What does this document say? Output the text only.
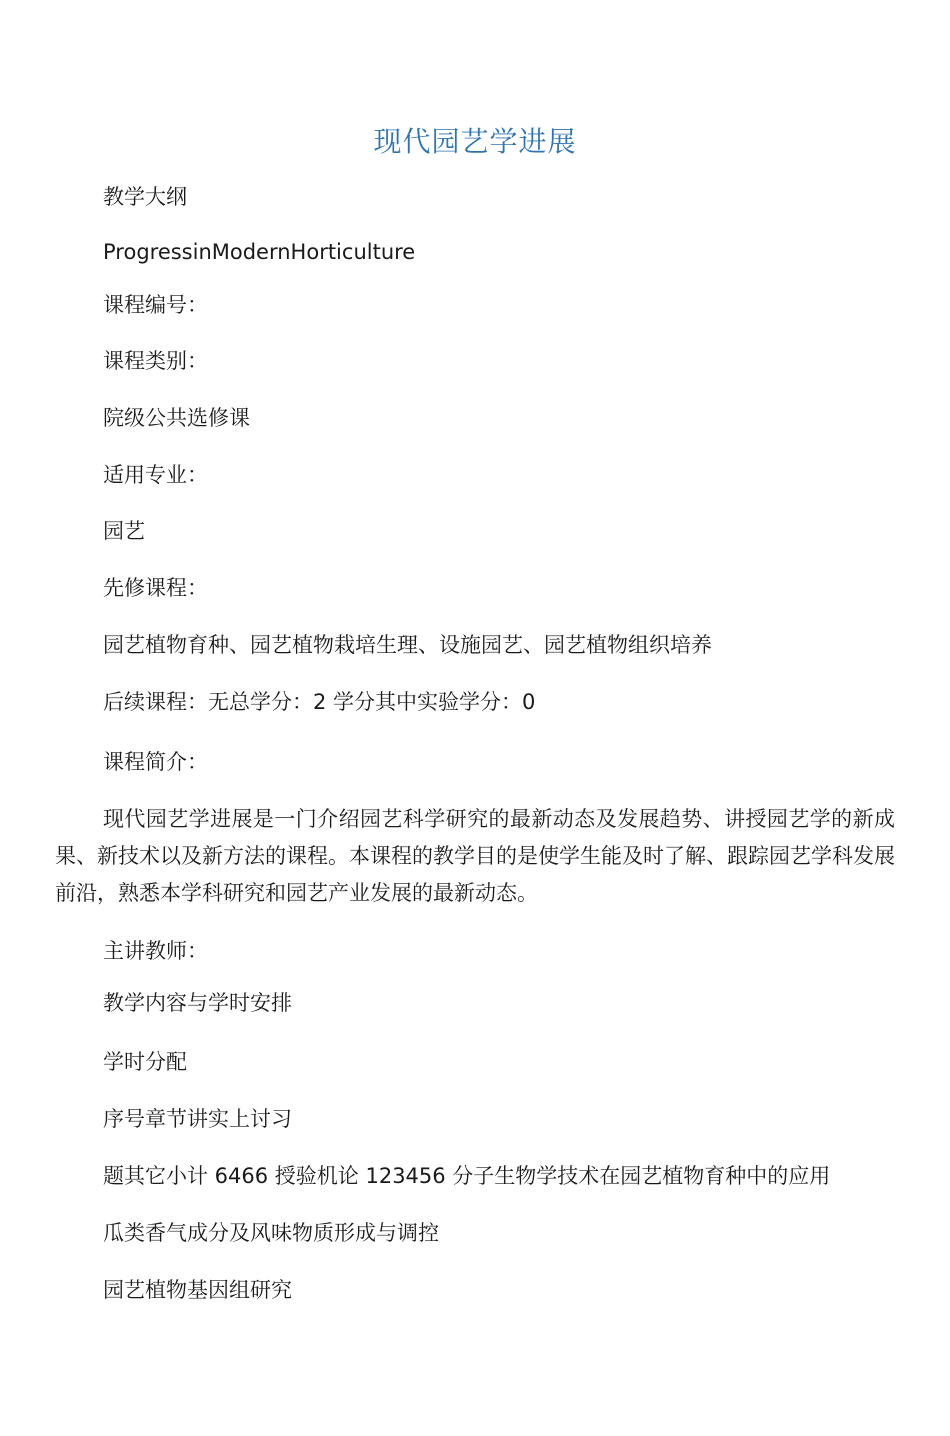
现代园艺学进展
教学大纲
ProgressinModernHorticulture
课程编号：
课程类别：
院级公共选修课
适用专业：
园艺
先修课程：
园艺植物育种、园艺植物栽培生理、设施园艺、园艺植物组织培养
后续课程：无总学分：2 学分其中实验学分：0
课程简介：
现代园艺学进展是一门介绍园艺科学研究的最新动态及发展趋势、讲授园艺学的新成果、新技术以及新方法的课程。本课程的教学目的是使学生能及时了解、跟踪园艺学科发展前沿，熟悉本学科研究和园艺产业发展的最新动态。
主讲教师：
教学内容与学时安排
学时分配
序号章节讲实上讨习
题其它小计 6466 授验机论 123456 分子生物学技术在园艺植物育种中的应用
瓜类香气成分及风味物质形成与调控
园艺植物基因组研究
